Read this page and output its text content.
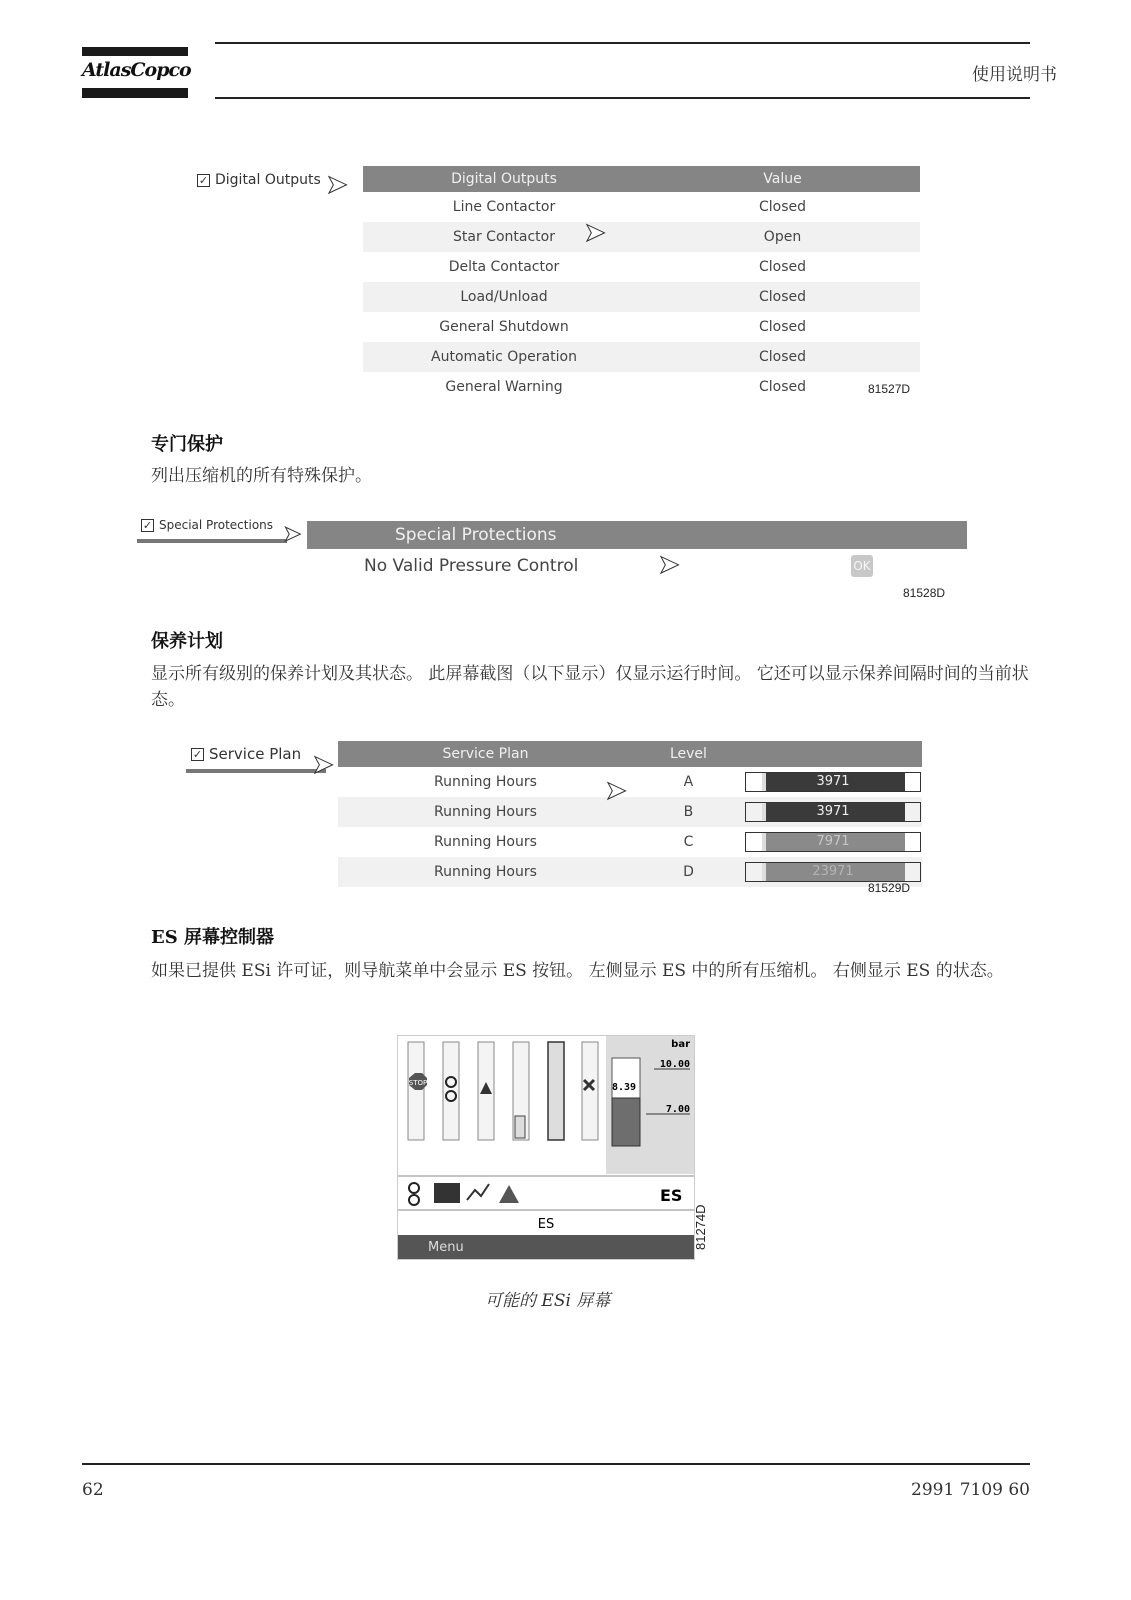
AtlasCopco	使用说明书
✓ Digital Outputs ➤	Digital Outputs	Value
Line Contactor	Closed
Star Contactor	Open
Delta Contactor	Closed
Load/Unload	Closed
General Shutdown	Closed
Automatic Operation	Closed
General Warning	Closed
➤
81527D
专门保护
列出压缩机的所有特殊保护。
✓ Special Protections ➤	Special Protections
No Valid Pressure Control	➤	OK
81528D
保养计划
显示所有级别的保养计划及其状态。 此屏幕截图（以下显示）仅显示运行时间。 它还可以显示保养间隔时间的当前状态。
✓ Service Plan ➤	Service Plan	Level	
Running Hours	A	3971

Running Hours	B	3971

Running Hours	C	7971

Running Hours	D	23971
➤
81529D
ES 屏幕控制器
如果已提供 ESi 许可证，则导航菜单中会显示 ES 按钮。 左侧显示 ES 中的所有压缩机。 右侧显示 ES 的状态。
STOP
bar
10.00
8.39
7.00
ES
ES
Menu	81274D
可能的 ESi 屏幕
62	2991 7109 60
